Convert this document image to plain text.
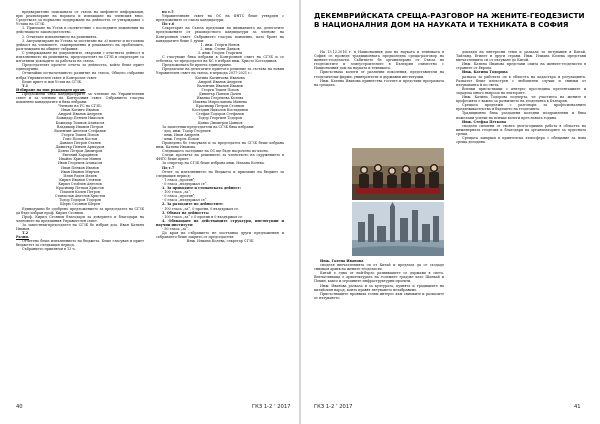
предварително поисканата от съюза на шефовете информация, при реализиране на нормата и изплащане на членския внос. Средствата за нормално поддържане на дейността се утвърждават с Устава на СГЗБ.

1. Приемане на Устав в съответствие с последните изменения на действащото законодателство.

2. Отчитане изпълнението на решенията.

3. Актуализиране на Устава за постигане на: а) повече и по-голяма дейност на членовете, същевременно и решаването на проблемите, разглеждани на общите събрания.

С утвърждаване на документите, свързани с отчетната дейност и изпълнението на решенията, председателят на СГЗБ и секретарят са изготвили докладите за работата на съюза.

Председателят прочете отчета за дейността, който беше приет единодушно.

Отчитайки по-нататъшното развитие на съюза, Общото събрание избра Управителен съвет и Контролен съвет.

Беше приет и нов Устав на СГЗБ.

Т.1

Избиране на нов ръководен орган.

Предложени бяха кандидатурите за членове на Управителния съвет и за членове на Контролния съвет. Събранието гласува поименно кандидатите и бяха избрани:

Членове на УС на СГЗБ:

Иван Катинч Иванов

Андрей Иванов Андреев

Божидар Пенчев Николов

Божидар Тошков Атанасов

Владимир Иванов Петров

Валентин Ангелов Стефанов

Георги Тошев Попов

Гено Попов Костов

Данаил Петров Станев

Димитър Пенчев Арнаудов

Дончо Петров Димитров

Евгений Харадинов

Ивайло Христов Минев

Иван Георгиев Атанасов

Иван Пенков Иванов

Иван Иванов Мирчев

Илия Радев Илиев

Кирил Иванов Стоянов

Кирил Стойчев Ангелов

Красимир Петков Христов

Пламен Колев Петров

Станислав Ангелов Христов

Тодор Тодоров Тодоров

Щерю Стоянов Щерев

Единодушно бе одобрено предложението за председател на СГЗБ да бъде избран проф. Кирил Стоянов.

Проф. Кирил Стоянов благодари за доверието и благодари на членовете на предишния Управителен съвет.

За заместник-председател на СГЗБ бе избран доц. Иван Катинч Иванов.

Т.2

Разни.

Отчетено беше изпълнението на бюджета. Беше гласуван и приет бюджетът за следващия период.

Събранието приключи в 13 ч.

по т.5

Управителният съвет на ОС на ФНТС беше утвърден с предложените от съюза кандидатури.

По т.6

Секретарят на Съюза предложи на вниманието на делегатите предложените от ръководството кандидатури за членове на Контролния съвет. Събранието гласува поименно, като броят на кандидатите беше 5 души:

1. инж. Георги Ненов

2. инж. Стоян Данков

3. инж. Георги Георгиев

С гласуване бяха избрани в Контролния съвет на СГЗБ и се отбеляза, че председател на КС е избран инж. Христо Костадинов.

Предложената бе приета единодушно.

Предлагаме на делегатите приетото решение за състава на новия Управителен съвет на съюза, в периода 2017-2021 г.:

Катина Катинчева Иванова

Андрей Иванов Андреев

Валентин Иванов Иванов

Георги Тошев Попов

Димитър Павлов Дачев

Иванка Георгиева Колева

Илияна Мирославова Минева

Красимир Петров Стоянов

Костадин Николов Костадинов

Стефан Тодоров Стефанов

Тодор Георгиев Тодоров

Цанко Димитров Цанков

За заместник-председатели на СГЗБ бяха избрани:

- доц. инж. Тодор Георгиев

- инж. Иван Андреев

- инж. Георги Попов

Проведено бе гласуване и за председател на СГЗБ беше избрана инж. Катина Иванова.

Следващото заседание на ОС ще бъде насрочено по-късно.

Следи: проектът на решението за членството на сдружението в ФНТС беше приет.

За секретар на СГЗБ беше избрана инж. Илиана Колева.

По т.7

Отчет за изпълнението на бюджета и приемане на бюджет за следващия период:

- 1 гласа „против“;

- 0 гласа „въздържал се“.

1. За приходите и стопанската дейност:

- 100 гласа „за“;

- 0 гласа „против“;

- 0 гласа „въздържал се“.

2. За разходите по дейностите:

- 100 гласа „за“, 0 против, 0 въздържал се.

3. Обхват на дейността:

- 100 гласа „за“ с 0 против и 0 въздържал се.

4. Обхващане на действащите структури, институции и научни институти:

- 50 гласа „за“.

До края на събранието не постъпиха други предложения и събранието беше закрито от председателя.

Инж. Илиана Колева, секретар СГЗБ

40	ГКЗ 1-2 ’ 2017
ДЕКЕМВРИЙСКАТА СРЕЩА-РАЗГОВОР НА ЖЕНИТЕ-ГЕОДЕЗИСТИ В НАЦИОНАЛНИЯ ДОМ НА НАУКАТА И ТЕХНИКАТА В СОФИЯ

На 13.12.2016 г. в Националния дом на науката и техниката в София се проведе традиционната предколедна среща-разговор на жените-геодезисти. Събитието бе организирано от Съюза на геодезистите и земеустроителите в България съвместно с Националния дом на науката и техниката.

Присъстваха колеги от различни поколения, представители на геодезически фирми, университети и държавни институции.

Инж. Катина Иванова приветства гостите и представи програмата на срещата.

доклади на интересни теми и разкази за пътувания в Китай, Тайланд, Египет и други страни. Инж. Илиана Колева представи впечатленията си от пътуване до Китай.

Инж. Катина Иванова представи опита на жените-геодезисти в страните от Европа.

Инж. Катина Тодорова

разказа за работата си в областта на кадастъра и регулацията. Разказът беше изпъстрен с любопитни случки и снимки от пътуванията ѝ по света.

Всички присъстващи с интерес проследиха презентациите и зададоха много въпроси на лекторите.

Инж. Катина Тодорова подчерта, че участието на жените в професията е важно за развитието на геодезията в България.

Срещата продължи с разговори за професионалните предизвикателства и бъдещето на геодезията.

Традиционно бяха раздадени коледни поздравления и бяха пожелани успехи на всички колеги през новата година.

Инж. Стефка Петкова

сподели спомени от своята дългогодишна работа в областта на инженерната геодезия и благодари на организаторите за чудесната среща.

Срещата завърши в приятелска атмосфера с обещание за нова среща догодина.

Инж. Галена Иванова

споделя впечатленията си от Китай и предлага да се създаде снимков архив на жените-геодезисти.

Китай е една от най-бързо развиващите се държави в света. Впечатляваща е архитектурата на големите градове като Шанхай и Пекин, както и огромните инфраструктурни проекти.

Инж. Иванова разказа и за културата, кухнята и традициите на китайския народ, които правят пътуването незабравимо.

Присъстващите проявиха голям интерес към снимките и разказите от пътуването.

ГКЗ 1-2 ’ 2017	41
